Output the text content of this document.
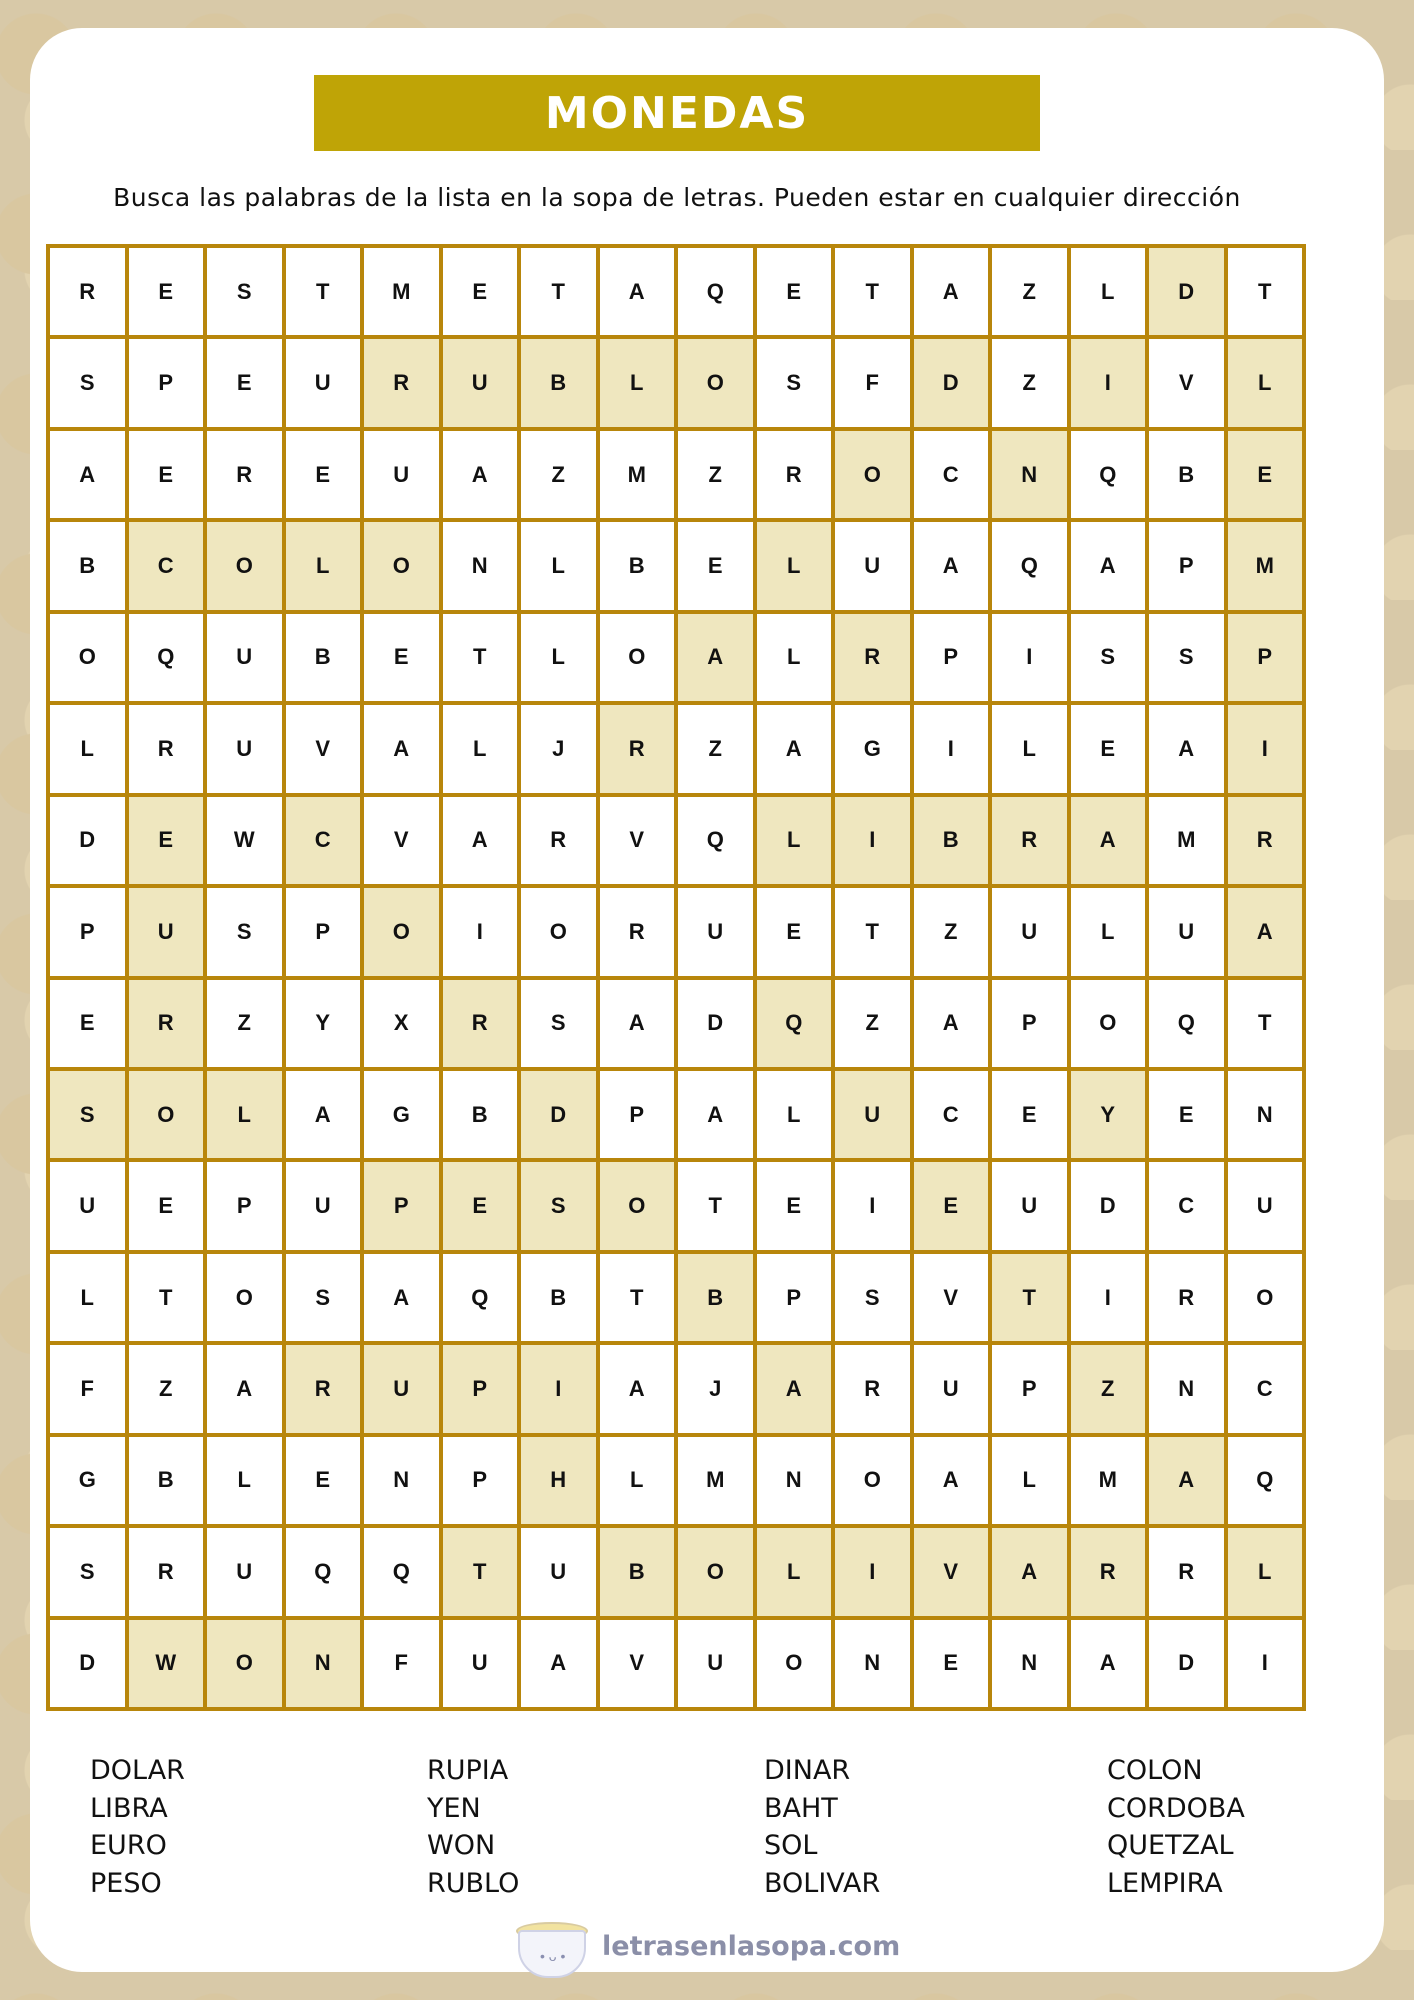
MONEDAS
Busca las palabras de la lista en la sopa de letras. Pueden estar en cualquier dirección
R	E	S	T	M	E	T	A	Q	E	T	A	Z	L	D	T
S	P	E	U	R	U	B	L	O	S	F	D	Z	I	V	L
A	E	R	E	U	A	Z	M	Z	R	O	C	N	Q	B	E
B	C	O	L	O	N	L	B	E	L	U	A	Q	A	P	M
O	Q	U	B	E	T	L	O	A	L	R	P	I	S	S	P
L	R	U	V	A	L	J	R	Z	A	G	I	L	E	A	I
D	E	W	C	V	A	R	V	Q	L	I	B	R	A	M	R
P	U	S	P	O	I	O	R	U	E	T	Z	U	L	U	A
E	R	Z	Y	X	R	S	A	D	Q	Z	A	P	O	Q	T
S	O	L	A	G	B	D	P	A	L	U	C	E	Y	E	N
U	E	P	U	P	E	S	O	T	E	I	E	U	D	C	U
L	T	O	S	A	Q	B	T	B	P	S	V	T	I	R	O
F	Z	A	R	U	P	I	A	J	A	R	U	P	Z	N	C
G	B	L	E	N	P	H	L	M	N	O	A	L	M	A	Q
S	R	U	Q	Q	T	U	B	O	L	I	V	A	R	R	L
D	W	O	N	F	U	A	V	U	O	N	E	N	A	D	I
DOLAR
LIBRA
EURO
PESO
RUPIA
YEN
WON
RUBLO
DINAR
BAHT
SOL
BOLIVAR
COLON
CORDOBA
QUETZAL
LEMPIRA
• ᴗ • letrasenlasopa.com
